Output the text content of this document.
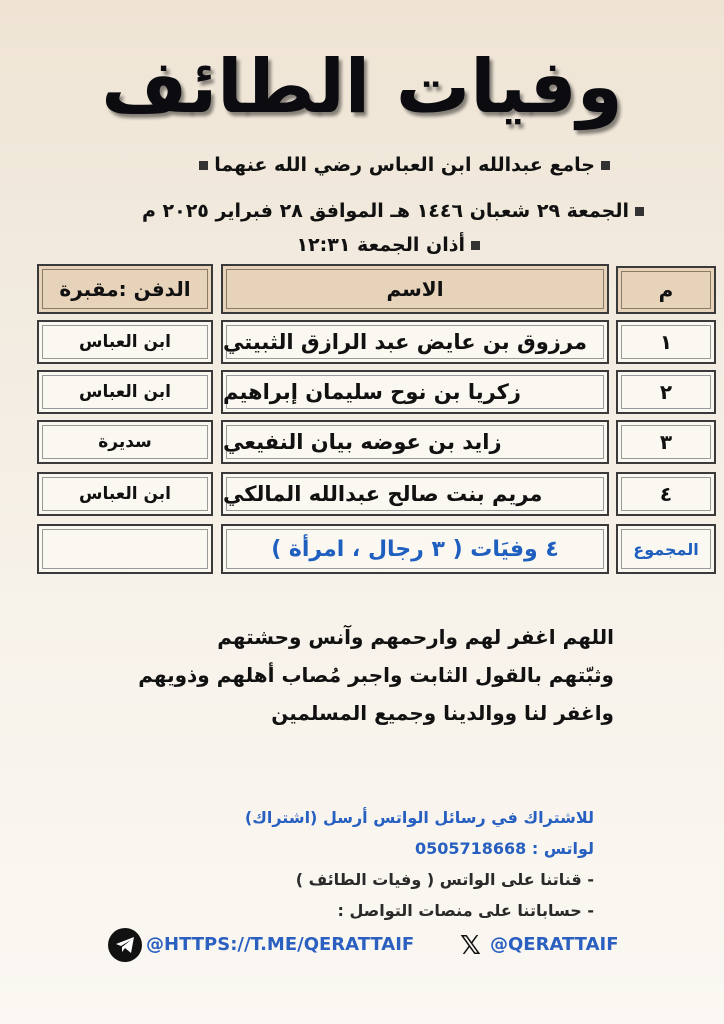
وفيات الطائف
جامع عبدالله ابن العباس رضي الله عنهما
الجمعة ٢٩ شعبان ١٤٤٦ هـ الموافق ٢٨ فبراير ٢٠٢٥ م
أذان الجمعة ١٢:٣١
م
الاسم
الدفن :مقبرة
١
مرزوق بن عايض عبد الرازق الثبيتي
ابن العباس
٢
زكريا بن نوح سليمان إبراهيم
ابن العباس
٣
زايد بن عوضه بيان النفيعي
سديرة
٤
مريم بنت صالح عبدالله المالكي
ابن العباس
المجموع
٤ وفيَات ( ٣ رجال ، امرأة )
اللهم اغفر لهم وارحمهم وآنس وحشتهم
وثبّتهم بالقول الثابت واجبر مُصاب أهلهم وذويهم
واغفر لنا ووالدينا وجميع المسلمين
للاشتراك في رسائل الواتس أرسل (اشتراك)
لواتس : 0505718668
- قناتنا على الواتس ( وفيات الطائف )
- حساباتنا على منصات التواصل :
@HTTPS://T.ME/QERATTAIF 𝕏 @QERATTAIF
